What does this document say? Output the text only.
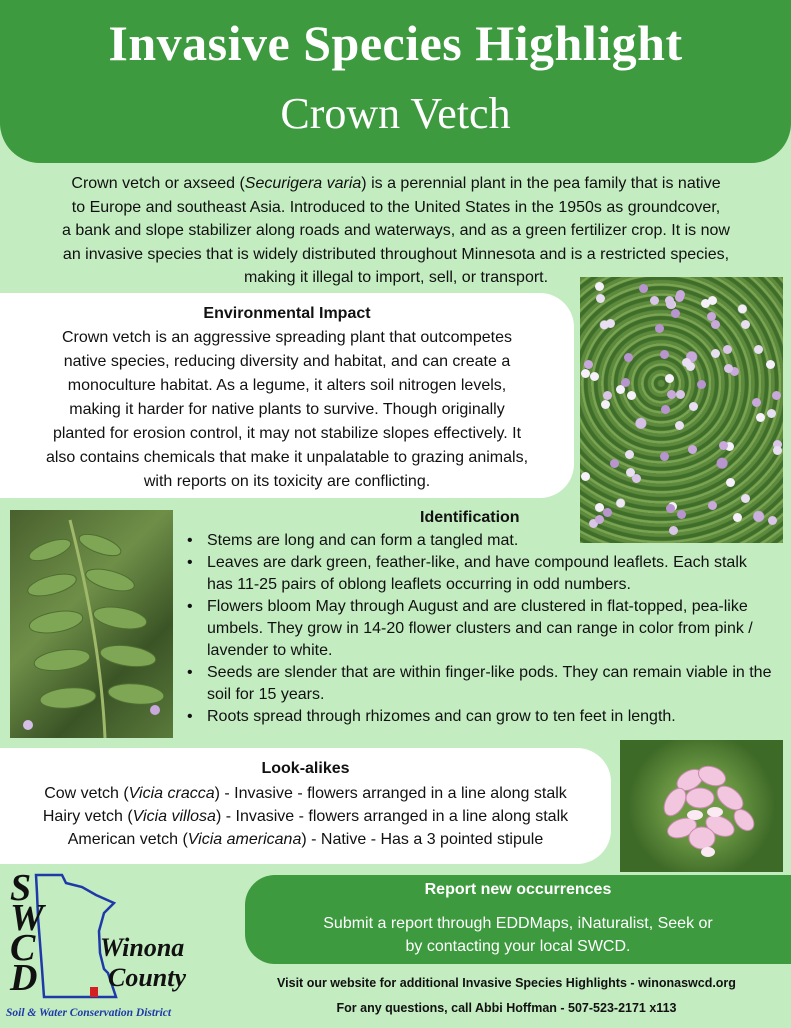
Invasive Species Highlight
Crown Vetch

Crown vetch or axseed (Securigera varia) is a perennial plant in the pea family that is native

to Europe and southeast Asia. Introduced to the United States in the 1950s as groundcover,

a bank and slope stabilizer along roads and waterways, and as a green fertilizer crop. It is now

an invasive species that is widely distributed throughout Minnesota and is a restricted species,

making it illegal to import, sell, or transport.

Environmental Impact
Crown vetch is an aggressive spreading plant that outcompetes
native species, reducing diversity and habitat, and can create a
monoculture habitat. As a legume, it alters soil nitrogen levels,
making it harder for native plants to survive. Though originally
planted for erosion control, it may not stabilize slopes effectively. It
also contains chemicals that make it unpalatable to grazing animals,
with reports on its toxicity are conflicting.
Identification
• Stems are long and can form a tangled mat.
• Leaves are dark green, feather-like, and have compound leaflets. Each stalk has 11-25 pairs of oblong leaflets occurring in odd numbers.
• Flowers bloom May through August and are clustered in flat-topped, pea-like umbels. They grow in 14-20 flower clusters and can range in color from pink / lavender to white.
• Seeds are slender that are within finger-like pods. They can remain viable in the soil for 15 years.
• Roots spread through rhizomes and can grow to ten feet in length.
Look-alikes
Cow vetch (Vicia cracca) - Invasive - flowers arranged in a line along stalk
Hairy vetch (Vicia villosa) - Invasive - flowers arranged in a line along stalk
American vetch (Vicia americana) - Native - Has a 3 pointed stipule
Report new occurrences
Submit a report through EDDMaps, iNaturalist, Seek or
by contacting your local SWCD.
Visit our website for additional Invasive Species Highlights - winonaswcd.org
For any questions, call Abbi Hoffman - 507-523-2171 x113
SWCD
Winona
County
Soil & Water Conservation District
